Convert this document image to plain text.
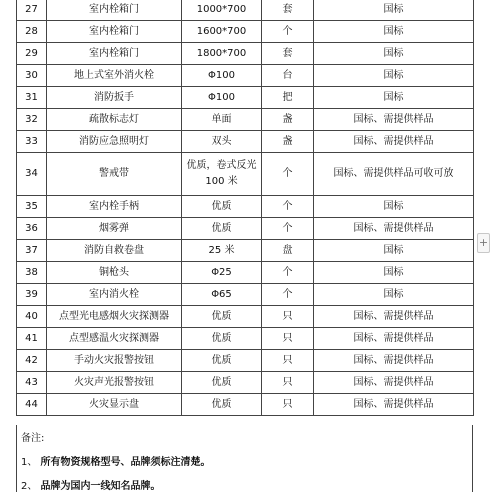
27	室内栓箱门	1000*700	套	国标
28	室内栓箱门	1600*700	个	国标
29	室内栓箱门	1800*700	套	国标
30	地上式室外消火栓	Φ100	台	国标
31	消防扳手	Φ100	把	国标
32	疏散标志灯	单面	盏	国标、需提供样品
33	消防应急照明灯	双头	盏	国标、需提供样品
34	警戒带	优质，卷式反光 100 米	个	国标、需提供样品可收可放
35	室内栓手柄	优质	个	国标
36	烟雾弹	优质	个	国标、需提供样品
37	消防自救卷盘	25 米	盘	国标
38	铜枪头	Φ25	个	国标
39	室内消火栓	Φ65	个	国标
40	点型光电感烟火灾探测器	优质	只	国标、需提供样品
41	点型感温火灾探测器	优质	只	国标、需提供样品
42	手动火灾报警按钮	优质	只	国标、需提供样品
43	火灾声光报警按钮	优质	只	国标、需提供样品
44	火灾显示盘	优质	只	国标、需提供样品
备注:
1、 所有物资规格型号、品牌须标注清楚。
2、 品牌为国内一线知名品牌。
+
